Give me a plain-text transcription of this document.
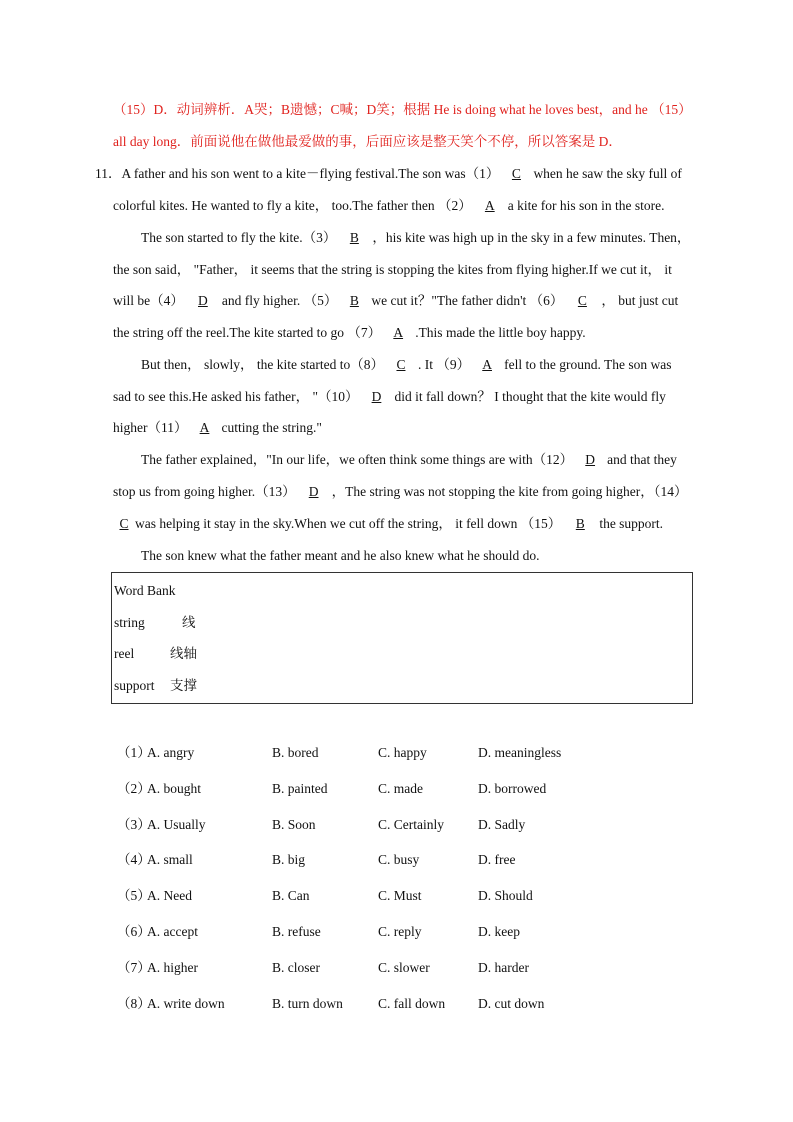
（15）D．动词辨析．A哭；B遗憾；C喊；D笑；根据 He is doing what he loves best，and he （15）
all day long．前面说他在做他最爱做的事，后面应该是整天笑个不停，所以答案是 D．
11．A father and his son went to a kite－flying festival.The son was（1） C when he saw the sky full of
colorful kites. He wanted to fly a kite， too.The father then （2） A a kite for his son in the store.
The son started to fly the kite.（3） B ，his kite was high up in the sky in a few minutes. Then，
the son said， "Father， it seems that the string is stopping the kites from flying higher.If we cut it， it
will be（4） D and fly higher. （5） B we cut it？"The father didn't （6） C ， but just cut
the string off the reel.The kite started to go （7） A .This made the little boy happy.
But then， slowly， the kite started to（8） C . It （9） A fell to the ground. The son was
sad to see this.He asked his father， "（10） D did it fall down？ I thought that the kite would fly
higher（11） A cutting the string."
The father explained，"In our life，we often think some things are with（12） D and that they
stop us from going higher.（13） D ，The string was not stopping the kite from going higher，（14）
C was helping it stay in the sky.When we cut off the string， it fell down （15） B the support.
The son knew what the father meant and he also knew what he should do.
Word Bank
string	线
reel	线轴
support 支撑
（1）
A. angry	B. bored	C. happy	D. meaningless
（2）
A. bought	B. painted	C. made	D. borrowed
（3）
A. Usually	B. Soon	C. Certainly	D. Sadly
（4）
A. small	B. big	C. busy	D. free
（5）
A. Need	B. Can	C. Must	D. Should
（6）
A. accept	B. refuse	C. reply	D. keep
（7）
A. higher	B. closer	C. slower	D. harder
（8）
A. write down	B. turn down	C. fall down D. cut down
